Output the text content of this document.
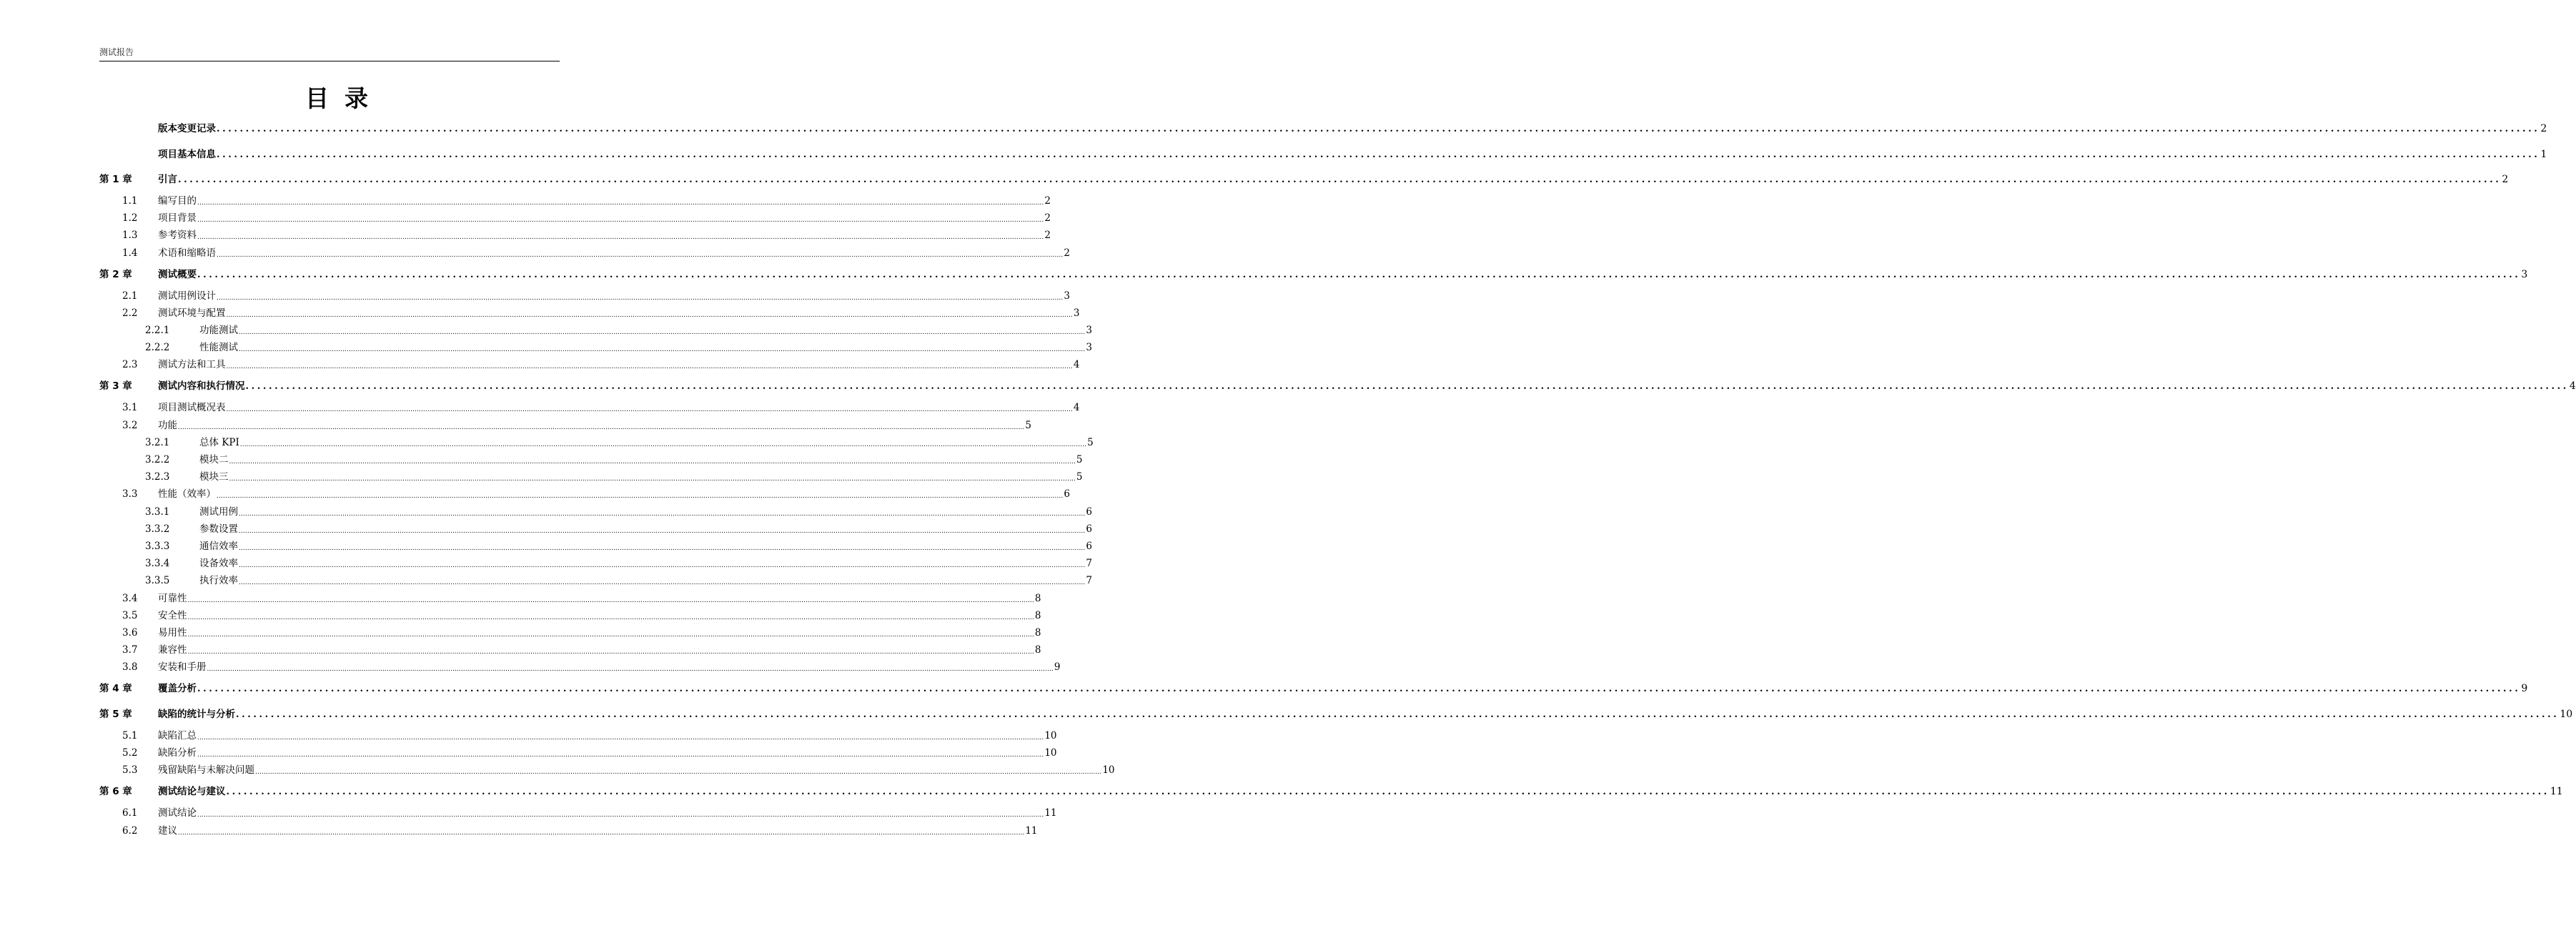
测试报告
目录
版本变更记录 ................................................................................................................................................................................................................................................................................................................................................................................................................ 2
项目基本信息 ................................................................................................................................................................................................................................................................................................................................................................................................................ 1
第 1 章	引言 ................................................................................................................................................................................................................................................................................................................................................................................................................ 2
1.1	编写目的 ................................................................................................................................................................................................................................................................................................................................................................................................................ 2
1.2	项目背景 ................................................................................................................................................................................................................................................................................................................................................................................................................ 2
1.3	参考资料 ................................................................................................................................................................................................................................................................................................................................................................................................................ 2
1.4	术语和缩略语 ................................................................................................................................................................................................................................................................................................................................................................................................................ 2
第 2 章	测试概要 ................................................................................................................................................................................................................................................................................................................................................................................................................ 3
2.1	测试用例设计 ................................................................................................................................................................................................................................................................................................................................................................................................................ 3
2.2	测试环境与配置 ................................................................................................................................................................................................................................................................................................................................................................................................................ 3
2.2.1	功能测试 ................................................................................................................................................................................................................................................................................................................................................................................................................ 3
2.2.2	性能测试 ................................................................................................................................................................................................................................................................................................................................................................................................................ 3
2.3	测试方法和工具 ................................................................................................................................................................................................................................................................................................................................................................................................................ 4
第 3 章	测试内容和执行情况 ................................................................................................................................................................................................................................................................................................................................................................................................................ 4
3.1	项目测试概况表 ................................................................................................................................................................................................................................................................................................................................................................................................................ 4
3.2	功能 ................................................................................................................................................................................................................................................................................................................................................................................................................ 5
3.2.1	总体 KPI ................................................................................................................................................................................................................................................................................................................................................................................................................ 5
3.2.2	模块二 ................................................................................................................................................................................................................................................................................................................................................................................................................ 5
3.2.3	模块三 ................................................................................................................................................................................................................................................................................................................................................................................................................ 5
3.3	性能（效率） ................................................................................................................................................................................................................................................................................................................................................................................................................ 6
3.3.1	测试用例 ................................................................................................................................................................................................................................................................................................................................................................................................................ 6
3.3.2	参数设置 ................................................................................................................................................................................................................................................................................................................................................................................................................ 6
3.3.3	通信效率 ................................................................................................................................................................................................................................................................................................................................................................................................................ 6
3.3.4	设备效率 ................................................................................................................................................................................................................................................................................................................................................................................................................ 7
3.3.5	执行效率 ................................................................................................................................................................................................................................................................................................................................................................................................................ 7
3.4	可靠性 ................................................................................................................................................................................................................................................................................................................................................................................................................ 8
3.5	安全性 ................................................................................................................................................................................................................................................................................................................................................................................................................ 8
3.6	易用性 ................................................................................................................................................................................................................................................................................................................................................................................................................ 8
3.7	兼容性 ................................................................................................................................................................................................................................................................................................................................................................................................................ 8
3.8	安装和手册 ................................................................................................................................................................................................................................................................................................................................................................................................................ 9
第 4 章	覆盖分析 ................................................................................................................................................................................................................................................................................................................................................................................................................ 9
第 5 章	缺陷的统计与分析 ................................................................................................................................................................................................................................................................................................................................................................................................................ 10
5.1	缺陷汇总 ................................................................................................................................................................................................................................................................................................................................................................................................................ 10
5.2	缺陷分析 ................................................................................................................................................................................................................................................................................................................................................................................................................ 10
5.3	残留缺陷与未解决问题 ................................................................................................................................................................................................................................................................................................................................................................................................................ 10
第 6 章	测试结论与建议 ................................................................................................................................................................................................................................................................................................................................................................................................................ 11
6.1	测试结论 ................................................................................................................................................................................................................................................................................................................................................................................................................ 11
6.2	建议 ................................................................................................................................................................................................................................................................................................................................................................................................................ 11
